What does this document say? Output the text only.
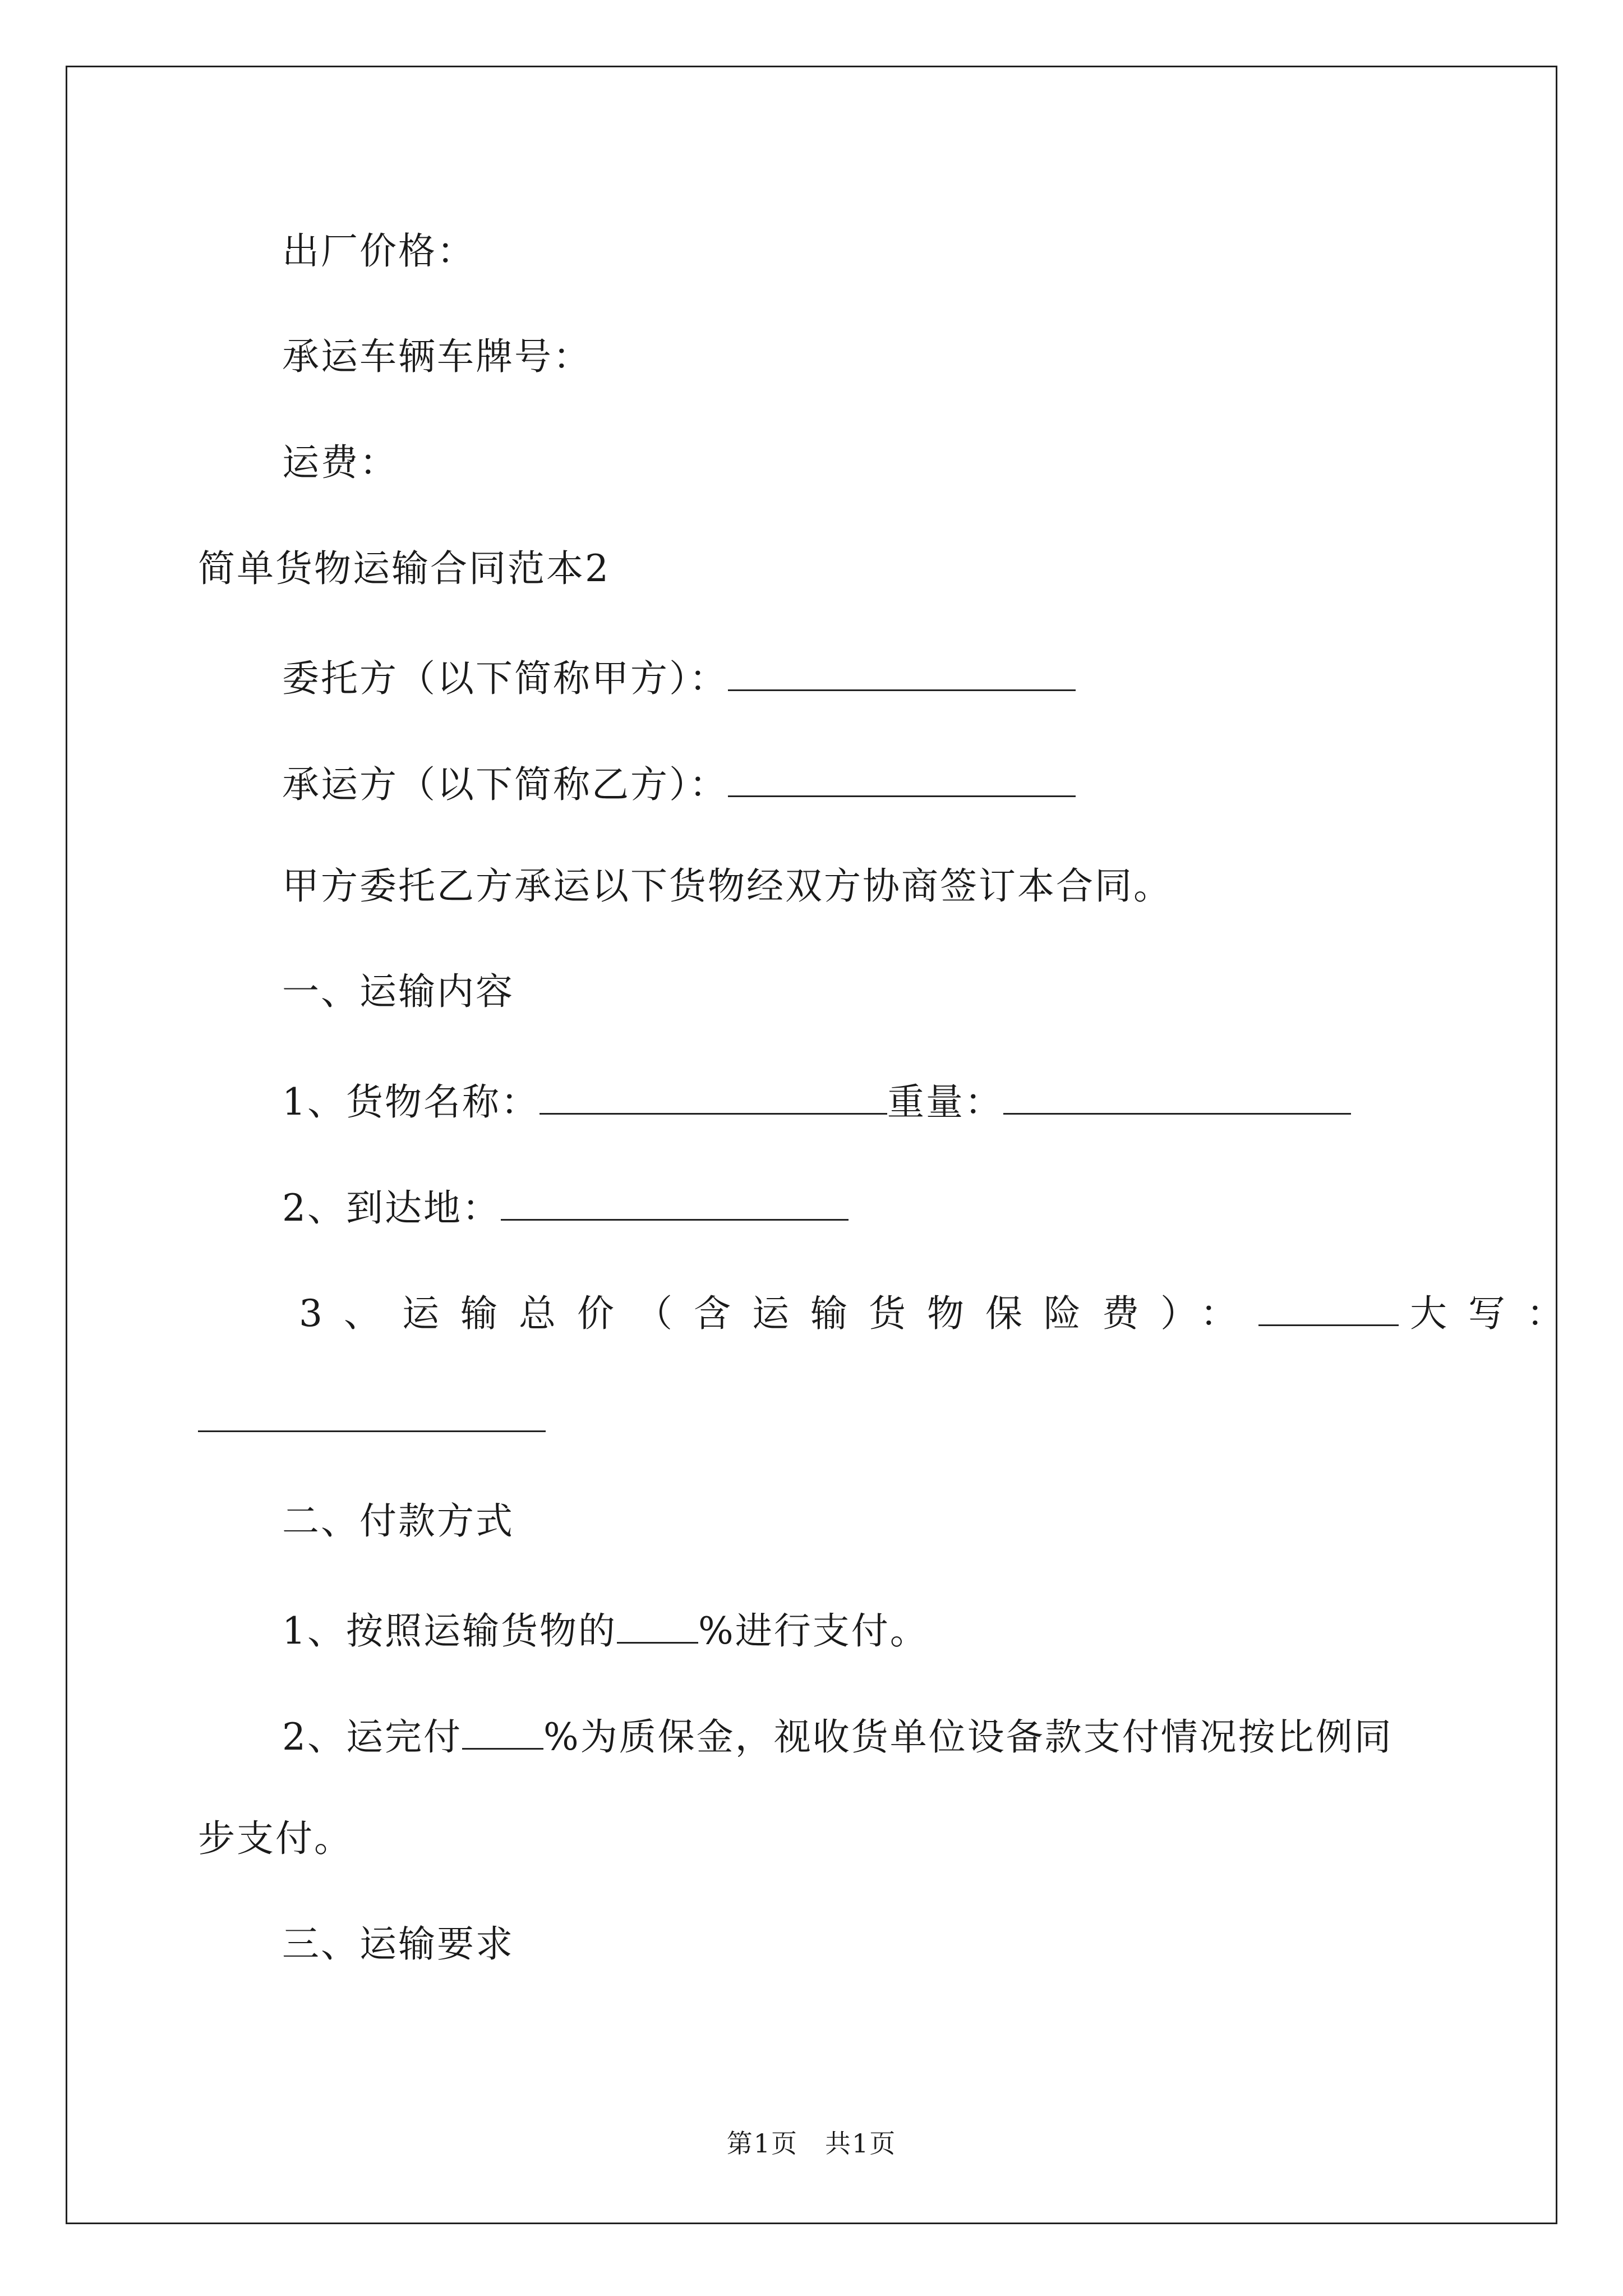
出厂价格：
承运车辆车牌号：
运费：
简单货物运输合同范本2
委托方（以下简称甲方）：
承运方（以下简称乙方）：
甲方委托乙方承运以下货物经双方协商签订本合同。
一、运输内容
1、货物名称：	重量：
2、到达地：
3、运输总价（含运输货物保险费）：	大写：
二、付款方式
1、按照运输货物的 %进行支付。
2、运完付 %为质保金，视收货单位设备款支付情况按比例同
步支付。
三、运输要求
第1页　共1页
